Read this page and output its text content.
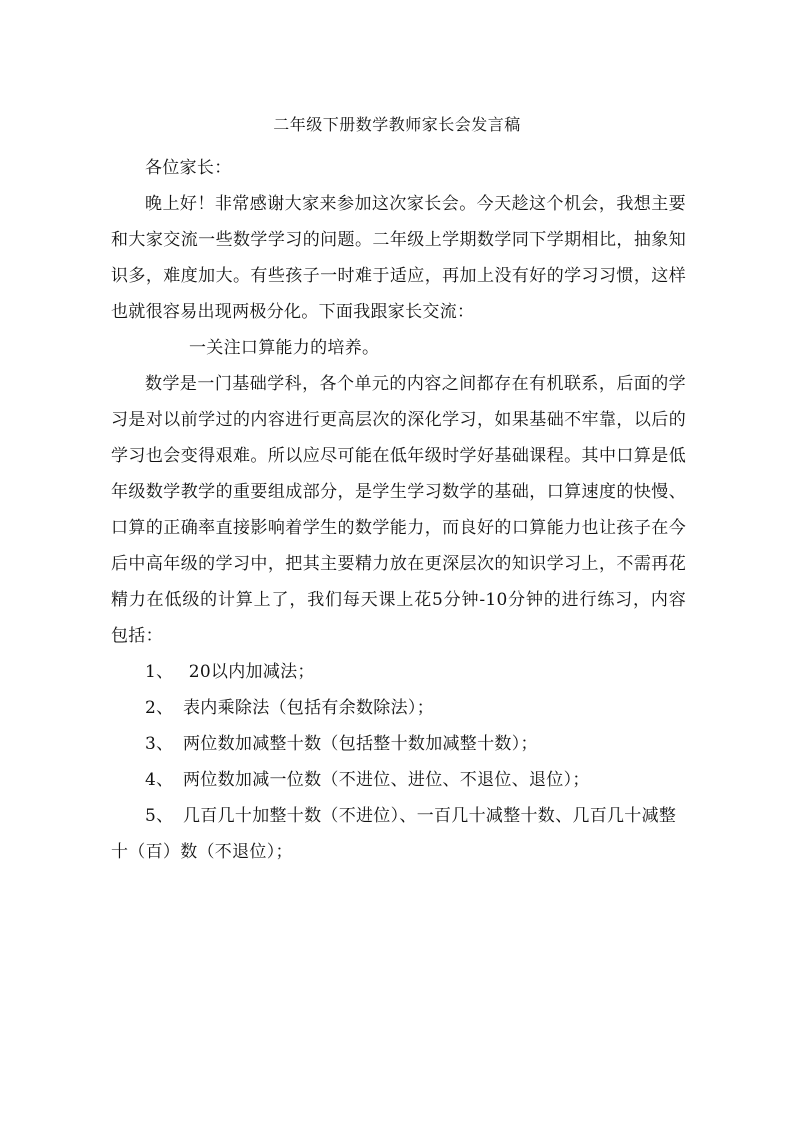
二年级下册数学教师家长会发言稿

各位家长：

晚上好！非常感谢大家来参加这次家长会。今天趁这个机会，我想主要和大家交流一些数学学习的问题。二年级上学期数学同下学期相比，抽象知识多，难度加大。有些孩子一时难于适应，再加上没有好的学习习惯，这样也就很容易出现两极分化。下面我跟家长交流：

一关注口算能力的培养。

数学是一门基础学科，各个单元的内容之间都存在有机联系，后面的学习是对以前学过的内容进行更高层次的深化学习，如果基础不牢靠，以后的学习也会变得艰难。所以应尽可能在低年级时学好基础课程。其中口算是低年级数学教学的重要组成部分，是学生学习数学的基础，口算速度的快慢、口算的正确率直接影响着学生的数学能力，而良好的口算能力也让孩子在今后中高年级的学习中，把其主要精力放在更深层次的知识学习上，不需再花精力在低级的计算上了，我们每天课上花5分钟-10分钟的进行练习，内容包括：

1、 20以内加减法；

2、 表内乘除法（包括有余数除法）；

3、 两位数加减整十数（包括整十数加减整十数）；

4、 两位数加减一位数（不进位、进位、不退位、退位）；

5、 几百几十加整十数（不进位）、一百几十减整十数、几百几十减整十（百）数（不退位）；
